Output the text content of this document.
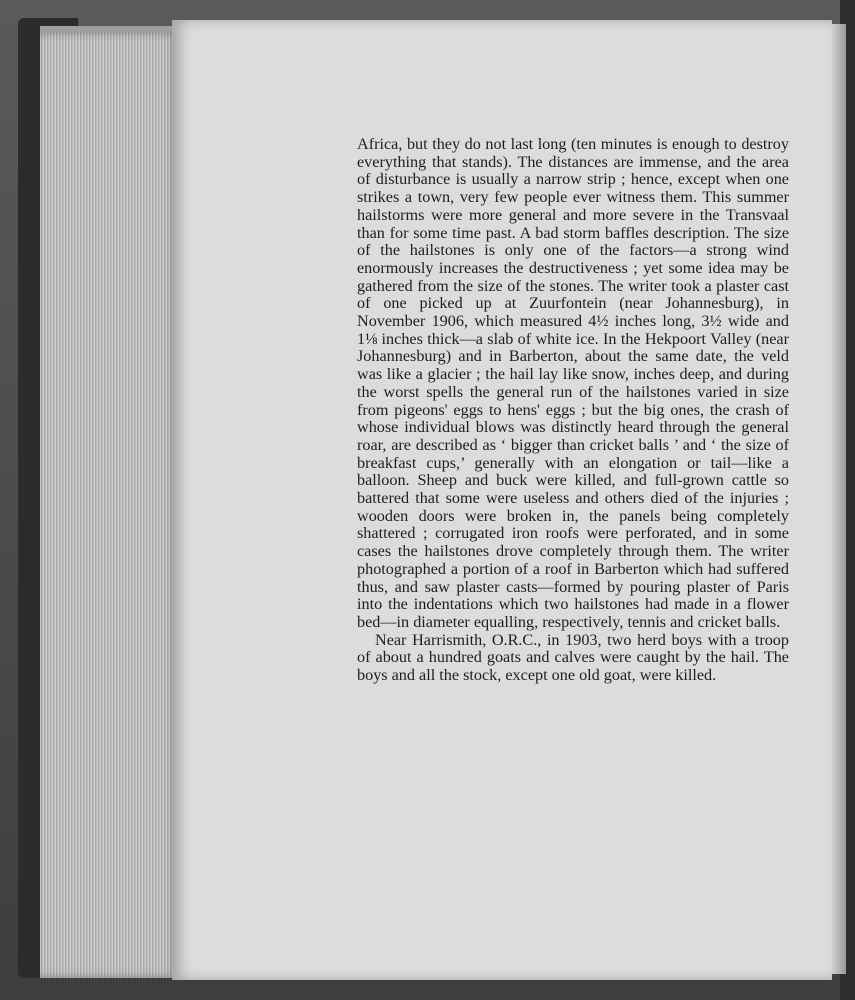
Africa, but they do not last long (ten minutes is enough to destroy everything that stands). The distances are immense, and the area of disturbance is usually a narrow strip ; hence, except when one strikes a town, very few people ever witness them. This summer hailstorms were more general and more severe in the Transvaal than for some time past. A bad storm baffles description. The size of the hailstones is only one of the factors—a strong wind enormously increases the destructiveness ; yet some idea may be gathered from the size of the stones. The writer took a plaster cast of one picked up at Zuurfontein (near Johannesburg), in November 1906, which measured 4½ inches long, 3½ wide and 1⅛ inches thick—a slab of white ice. In the Hekpoort Valley (near Johannesburg) and in Barberton, about the same date, the veld was like a glacier ; the hail lay like snow, inches deep, and during the worst spells the general run of the hailstones varied in size from pigeons' eggs to hens' eggs ; but the big ones, the crash of whose individual blows was distinctly heard through the general roar, are described as ‘ bigger than cricket balls ’ and ‘ the size of breakfast cups,’ generally with an elongation or tail—like a balloon. Sheep and buck were killed, and full-grown cattle so battered that some were useless and others died of the injuries ; wooden doors were broken in, the panels being completely shattered ; corrugated iron roofs were perforated, and in some cases the hailstones drove completely through them. The writer photographed a portion of a roof in Barberton which had suffered thus, and saw plaster casts—formed by pouring plaster of Paris into the indentations which two hailstones had made in a flower bed—in diameter equalling, respectively, tennis and cricket balls.

Near Harrismith, O.R.C., in 1903, two herd boys with a troop of about a hundred goats and calves were caught by the hail. The boys and all the stock, except one old goat, were killed.
